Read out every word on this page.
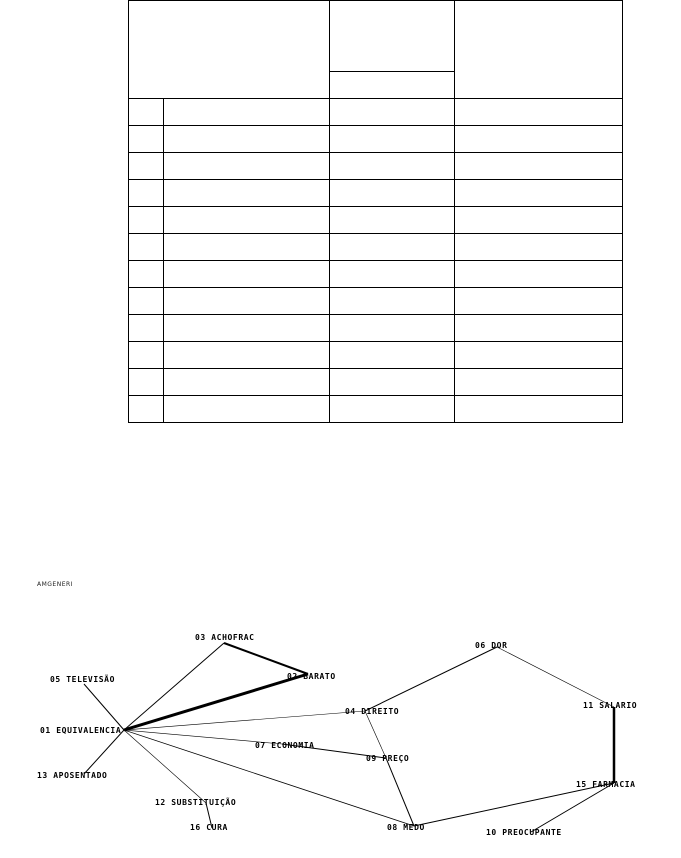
AMGENERI
01 EQUIVALENCIA
02 BARATO
03 ACHOFRAC
04 DIREITO
05 TELEVISÃO
06 DOR
07 ECONOMIA
08 MEDO
09 PREÇO
10 PREOCUPANTE
11 SALARIO
12 SUBSTITUIÇÃO
13 APOSENTADO
15 FARMACIA
16 CURA
